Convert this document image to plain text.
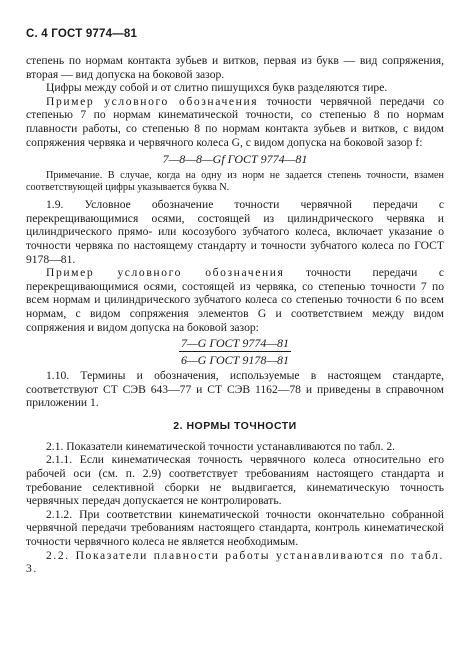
С. 4 ГОСТ 9774—81

степень по нормам контакта зубьев и витков, первая из букв — вид сопряжения, вторая — вид допуска на боковой зазор.

Цифры между собой и от слитно пишущихся букв разделяются тире.

Пример условного обозначения точности червячной передачи со степенью 7 по нормам кинематической точности, со степенью 8 по нормам плавности работы, со степенью 8 по нормам контакта зубьев и витков, с видом сопряжения червяка и червячного колеса G, с видом допуска на боковой зазор f:

7—8—8—Gf ГОСТ 9774—81

Примечание. В случае, когда на одну из норм не задается степень точности, взамен соответствующей цифры указывается буква N.

1.9. Условное обозначение точности червячной передачи с перекрещивающимися осями, состоящей из цилиндрического червяка и цилиндрического прямо- или косозубого зубчатого колеса, включает указание о точности червяка по настоящему стандарту и точности зубчатого колеса по ГОСТ 9178—81.

Пример условного обозначения точности передачи с перекрещивающимися осями, состоящей из червяка, со степенью точности 7 по всем нормам и цилиндрического зубчатого колеса со степенью точности 6 по всем нормам, с видом сопряжения элементов G и соответствием между видом сопряжения и видом допуска на боковой зазор:

7—G ГОСТ 9774—81
6—G ГОСТ 9178—81

1.10. Термины и обозначения, используемые в настоящем стандарте, соответствуют СТ СЭВ 643—77 и СТ СЭВ 1162—78 и приведены в справочном приложении 1.

2. НОРМЫ ТОЧНОСТИ

2.1. Показатели кинематической точности устанавливаются по табл. 2.

2.1.1. Если кинематическая точность червячного колеса относительно его рабочей оси (см. п. 2.9) соответствует требованиям настоящего стандарта и требование селективной сборки не выдвигается, кинематическую точность червячных передач допускается не контролировать.

2.1.2. При соответствии кинематической точности окончательно собранной червячной передачи требованиям настоящего стандарта, контроль кинематической точности червячного колеса не является необходимым.

2.2. Показатели плавности работы устанавливаются по табл. 3.
